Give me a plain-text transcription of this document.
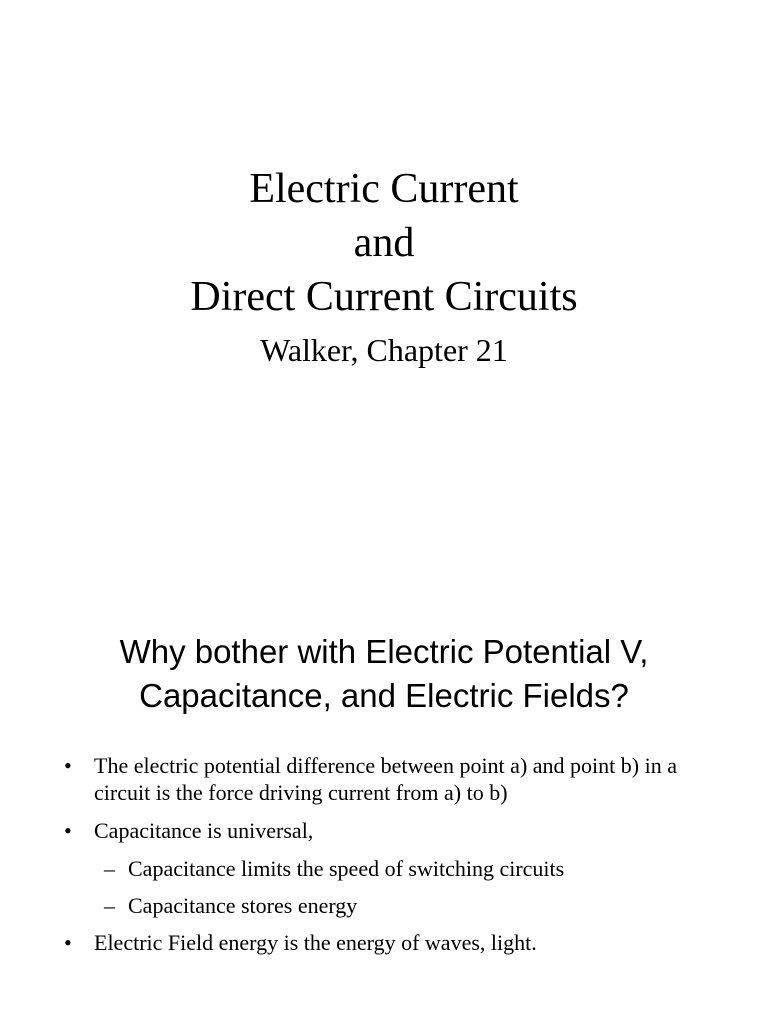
Electric Current
and
Direct Current Circuits
Walker, Chapter 21
Why bother with Electric Potential V,
Capacitance, and Electric Fields?
• The electric potential difference between point a) and point b) in a circuit is the force driving current from a) to b)
• Capacitance is universal,
– Capacitance limits the speed of switching circuits
– Capacitance stores energy
• Electric Field energy is the energy of waves, light.
